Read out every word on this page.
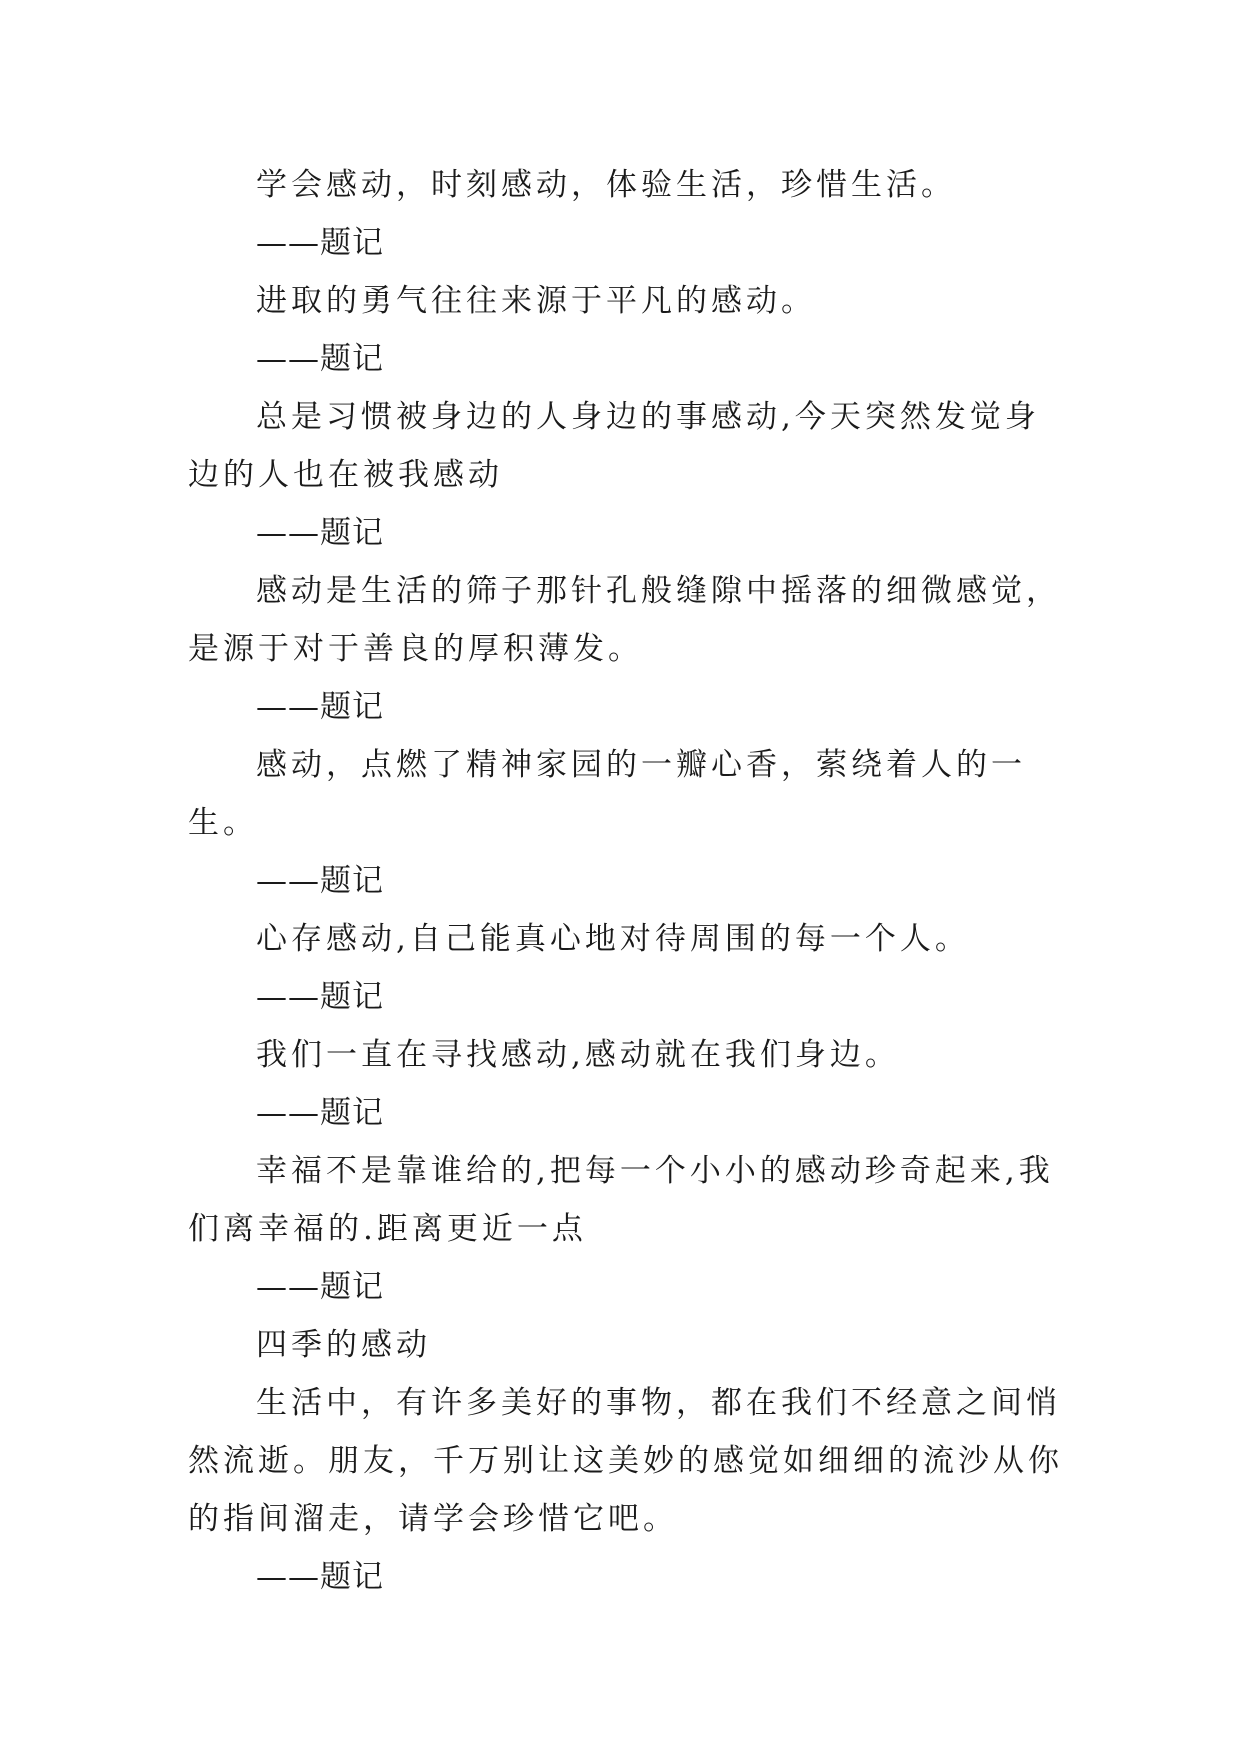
学会感动，时刻感动，体验生活，珍惜生活。

——题记

进取的勇气往往来源于平凡的感动。

——题记

总是习惯被身边的人身边的事感动,今天突然发觉身边的人也在被我感动

——题记

感动是生活的筛子那针孔般缝隙中摇落的细微感觉，是源于对于善良的厚积薄发。

——题记

感动，点燃了精神家园的一瓣心香，萦绕着人的一生。

——题记

心存感动,自己能真心地对待周围的每一个人。

——题记

我们一直在寻找感动,感动就在我们身边。

——题记

幸福不是靠谁给的,把每一个小小的感动珍奇起来,我们离幸福的.距离更近一点

——题记

四季的感动

生活中，有许多美好的事物，都在我们不经意之间悄然流逝。朋友，千万别让这美妙的感觉如细细的流沙从你的指间溜走，请学会珍惜它吧。

——题记
